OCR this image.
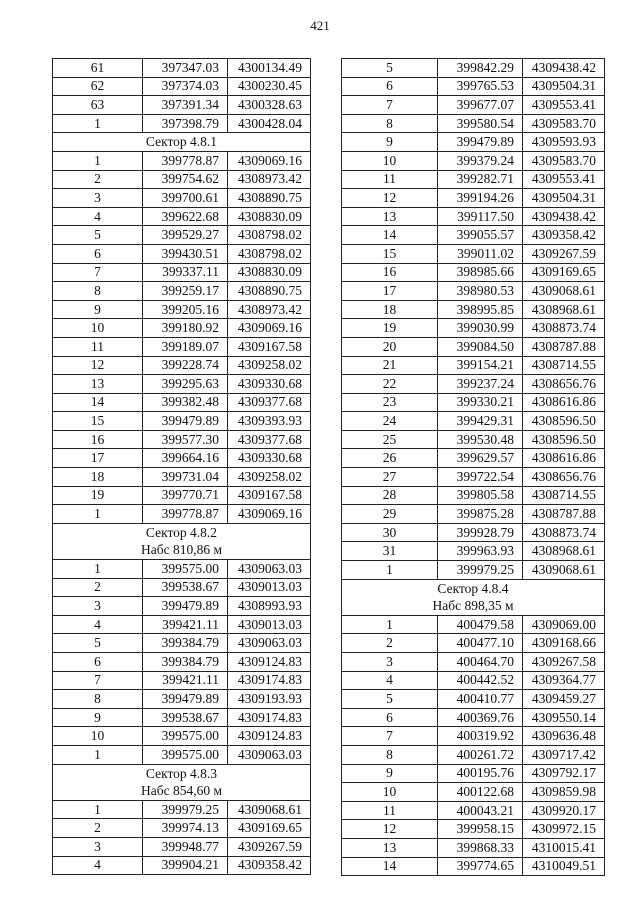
421
61	397347.03	4300134.49
62	397374.03	4300230.45
63	397391.34	4300328.63
1	397398.79	4300428.04

Сектор 4.8.1		

1	399778.87	4309069.16
2	399754.62	4308973.42
3	399700.61	4308890.75
4	399622.68	4308830.09
5	399529.27	4308798.02
6	399430.51	4308798.02
7	399337.11	4308830.09
8	399259.17	4308890.75
9	399205.16	4308973.42
10	399180.92	4309069.16
11	399189.07	4309167.58
12	399228.74	4309258.02
13	399295.63	4309330.68
14	399382.48	4309377.68
15	399479.89	4309393.93
16	399577.30	4309377.68
17	399664.16	4309330.68
18	399731.04	4309258.02
19	399770.71	4309167.58
1	399778.87	4309069.16

Сектор 4.8.2
Набс 810,86 м		

1	399575.00	4309063.03
2	399538.67	4309013.03
3	399479.89	4308993.93
4	399421.11	4309013.03
5	399384.79	4309063.03
6	399384.79	4309124.83
7	399421.11	4309174.83
8	399479.89	4309193.93
9	399538.67	4309174.83
10	399575.00	4309124.83
1	399575.00	4309063.03

Сектор 4.8.3
Набс 854,60 м		

1	399979.25	4309068.61
2	399974.13	4309169.65
3	399948.77	4309267.59
4	399904.21	4309358.42
5	399842.29	4309438.42
6	399765.53	4309504.31
7	399677.07	4309553.41
8	399580.54	4309583.70
9	399479.89	4309593.93
10	399379.24	4309583.70
11	399282.71	4309553.41
12	399194.26	4309504.31
13	399117.50	4309438.42
14	399055.57	4309358.42
15	399011.02	4309267.59
16	398985.66	4309169.65
17	398980.53	4309068.61
18	398995.85	4308968.61
19	399030.99	4308873.74
20	399084.50	4308787.88
21	399154.21	4308714.55
22	399237.24	4308656.76
23	399330.21	4308616.86
24	399429.31	4308596.50
25	399530.48	4308596.50
26	399629.57	4308616.86
27	399722.54	4308656.76
28	399805.58	4308714.55
29	399875.28	4308787.88
30	399928.79	4308873.74
31	399963.93	4308968.61
1	399979.25	4309068.61

Сектор 4.8.4
Набс 898,35 м		

1	400479.58	4309069.00
2	400477.10	4309168.66
3	400464.70	4309267.58
4	400442.52	4309364.77
5	400410.77	4309459.27
6	400369.76	4309550.14
7	400319.92	4309636.48
8	400261.72	4309717.42
9	400195.76	4309792.17
10	400122.68	4309859.98
11	400043.21	4309920.17
12	399958.15	4309972.15
13	399868.33	4310015.41
14	399774.65	4310049.51
